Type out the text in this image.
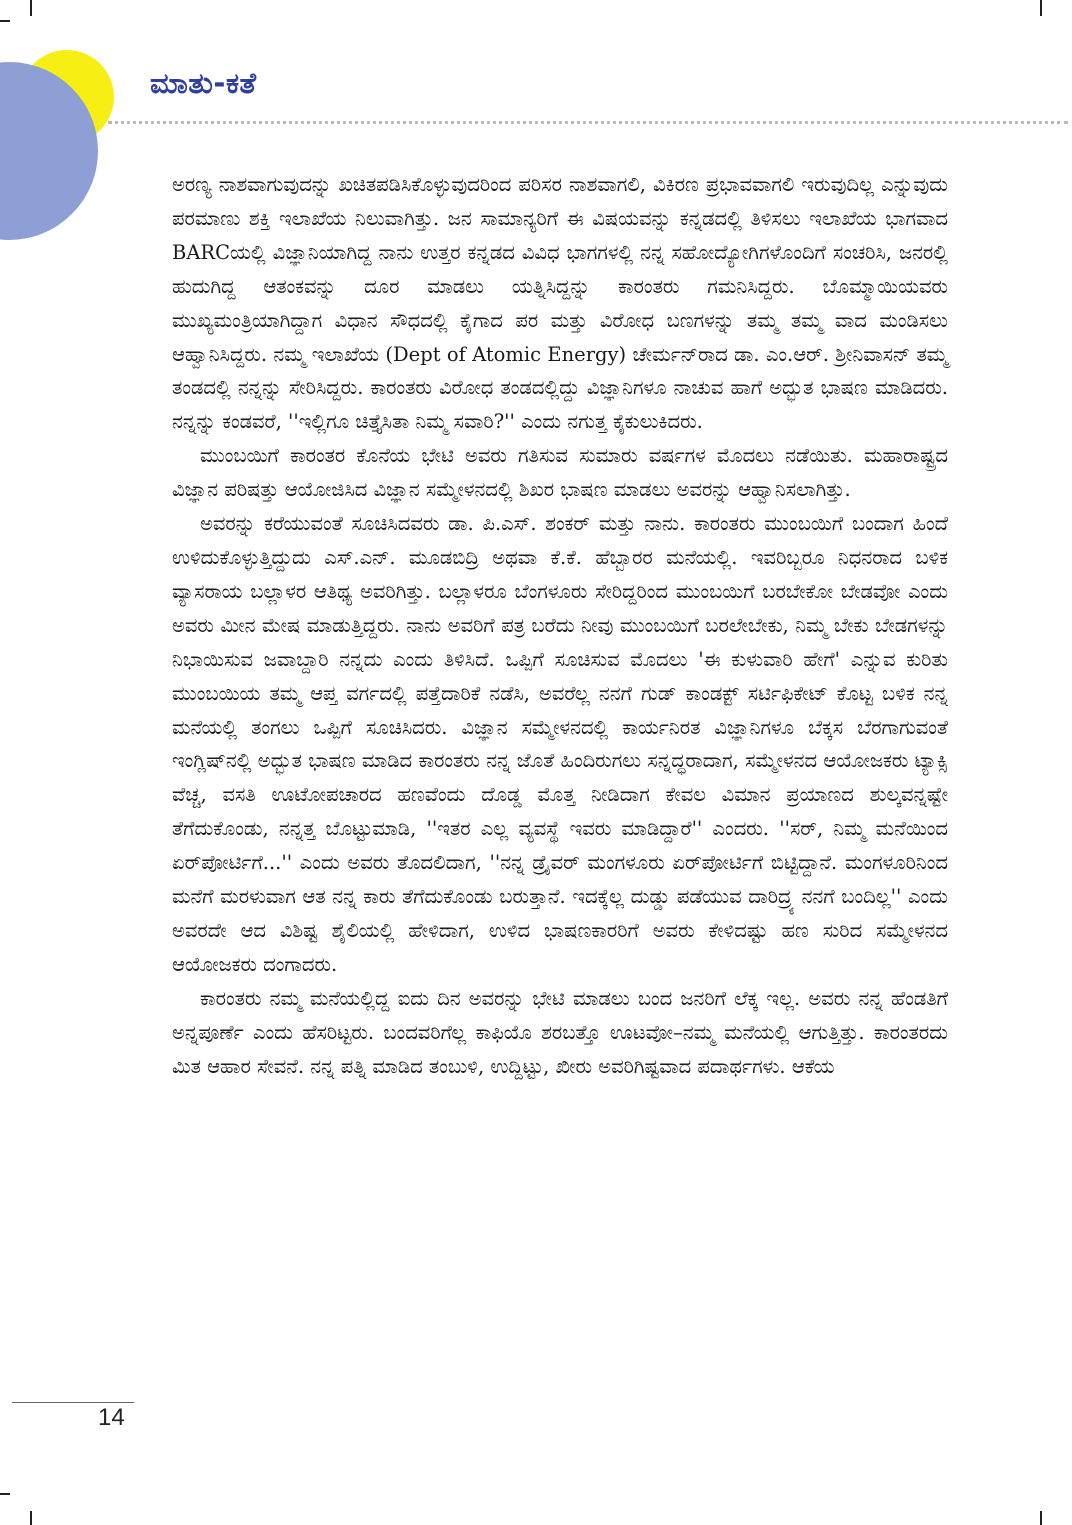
ಮಾತು-ಕತೆ

ಅರಣ್ಯ ನಾಶವಾಗುವುದನ್ನು ಖಚಿತಪಡಿಸಿಕೊಳ್ಳುವುದರಿಂದ ಪರಿಸರ ನಾಶವಾಗಲಿ, ವಿಕಿರಣ ಪ್ರಭಾವವಾಗಲಿ ಇರುವುದಿಲ್ಲ ಎನ್ನುವುದು ಪರಮಾಣು ಶಕ್ತಿ ಇಲಾಖೆಯ ನಿಲುವಾಗಿತ್ತು. ಜನ ಸಾಮಾನ್ಯರಿಗೆ ಈ ವಿಷಯವನ್ನು ಕನ್ನಡದಲ್ಲಿ ತಿಳಿಸಲು ಇಲಾಖೆಯ ಭಾಗವಾದ BARCಯಲ್ಲಿ ವಿಜ್ಞಾನಿಯಾಗಿದ್ದ ನಾನು ಉತ್ತರ ಕನ್ನಡದ ವಿವಿಧ ಭಾಗಗಳಲ್ಲಿ ನನ್ನ ಸಹೋದ್ಯೋಗಿಗಳೊಂದಿಗೆ ಸಂಚರಿಸಿ, ಜನರಲ್ಲಿ ಹುದುಗಿದ್ದ ಆತಂಕವನ್ನು ದೂರ ಮಾಡಲು ಯತ್ನಿಸಿದ್ದನ್ನು ಕಾರಂತರು ಗಮನಿಸಿದ್ದರು. ಬೊಮ್ಮಾಯಿಯವರು ಮುಖ್ಯಮಂತ್ರಿಯಾಗಿದ್ದಾಗ ವಿಧಾನ ಸೌಧದಲ್ಲಿ ಕೈಗಾದ ಪರ ಮತ್ತು ವಿರೋಧ ಬಣಗಳನ್ನು ತಮ್ಮ ತಮ್ಮ ವಾದ ಮಂಡಿಸಲು ಆಹ್ವಾನಿಸಿದ್ದರು. ನಮ್ಮ ಇಲಾಖೆಯ (Dept of Atomic Energy) ಚೇರ್ಮನ್‌ರಾದ ಡಾ. ಎಂ.ಆರ್. ಶ್ರೀನಿವಾಸನ್ ತಮ್ಮ ತಂಡದಲ್ಲಿ ನನ್ನನ್ನು ಸೇರಿಸಿದ್ದರು. ಕಾರಂತರು ವಿರೋಧ ತಂಡದಲ್ಲಿದ್ದು ವಿಜ್ಞಾನಿಗಳೂ ನಾಚುವ ಹಾಗೆ ಅದ್ಭುತ ಭಾಷಣ ಮಾಡಿದರು. ನನ್ನನ್ನು ಕಂಡವರೆ, ''ಇಲ್ಲಿಗೂ ಚಿತ್ತೈಸಿತಾ ನಿಮ್ಮ ಸವಾರಿ?'' ಎಂದು ನಗುತ್ತ ಕೈಕುಲುಕಿದರು.

ಮುಂಬಯಿಗೆ ಕಾರಂತರ ಕೊನೆಯ ಭೇಟಿ ಅವರು ಗತಿಸುವ ಸುಮಾರು ವರ್ಷಗಳ ಮೊದಲು ನಡೆಯಿತು. ಮಹಾರಾಷ್ಟ್ರದ ವಿಜ್ಞಾನ ಪರಿಷತ್ತು ಆಯೋಜಿಸಿದ ವಿಜ್ಞಾನ ಸಮ್ಮೇಳನದಲ್ಲಿ ಶಿಖರ ಭಾಷಣ ಮಾಡಲು ಅವರನ್ನು ಆಹ್ವಾನಿಸಲಾಗಿತ್ತು.

ಅವರನ್ನು ಕರೆಯುವಂತೆ ಸೂಚಿಸಿದವರು ಡಾ. ಪಿ.ಎಸ್. ಶಂಕರ್ ಮತ್ತು ನಾನು. ಕಾರಂತರು ಮುಂಬಯಿಗೆ ಬಂದಾಗ ಹಿಂದೆ ಉಳಿದುಕೊಳ್ಳುತ್ತಿದ್ದುದು ಎಸ್.ಎನ್. ಮೂಡಬಿದ್ರಿ ಅಥವಾ ಕೆ.ಕೆ. ಹೆಬ್ಬಾರರ ಮನೆಯಲ್ಲಿ. ಇವರಿಬ್ಬರೂ ನಿಧನರಾದ ಬಳಿಕ ವ್ಯಾಸರಾಯ ಬಲ್ಲಾಳರ ಆತಿಥ್ಯ ಅವರಿಗಿತ್ತು. ಬಲ್ಲಾಳರೂ ಬೆಂಗಳೂರು ಸೇರಿದ್ದರಿಂದ ಮುಂಬಯಿಗೆ ಬರಬೇಕೋ ಬೇಡವೋ ಎಂದು ಅವರು ಮೀನ ಮೇಷ ಮಾಡುತ್ತಿದ್ದರು. ನಾನು ಅವರಿಗೆ ಪತ್ರ ಬರೆದು ನೀವು ಮುಂಬಯಿಗೆ ಬರಲೇಬೇಕು, ನಿಮ್ಮ ಬೇಕು ಬೇಡಗಳನ್ನು ನಿಭಾಯಿಸುವ ಜವಾಬ್ದಾರಿ ನನ್ನದು ಎಂದು ತಿಳಿಸಿದೆ. ಒಪ್ಪಿಗೆ ಸೂಚಿಸುವ ಮೊದಲು 'ಈ ಕುಳುವಾರಿ ಹೇಗೆ' ಎನ್ನುವ ಕುರಿತು ಮುಂಬಯಿಯ ತಮ್ಮ ಆಪ್ತ ವರ್ಗದಲ್ಲಿ ಪತ್ತೆದಾರಿಕೆ ನಡೆಸಿ, ಅವರೆಲ್ಲ ನನಗೆ ಗುಡ್ ಕಾಂಡಕ್ಟ್ ಸರ್ಟಿಫಿಕೇಟ್ ಕೊಟ್ಟ ಬಳಿಕ ನನ್ನ ಮನೆಯಲ್ಲಿ ತಂಗಲು ಒಪ್ಪಿಗೆ ಸೂಚಿಸಿದರು. ವಿಜ್ಞಾನ ಸಮ್ಮೇಳನದಲ್ಲಿ ಕಾರ್ಯನಿರತ ವಿಜ್ಞಾನಿಗಳೂ ಬೆಕ್ಕಸ ಬೆರಗಾಗುವಂತೆ ಇಂಗ್ಲಿಷ್‌ನಲ್ಲಿ ಅದ್ಭುತ ಭಾಷಣ ಮಾಡಿದ ಕಾರಂತರು ನನ್ನ ಜೊತೆ ಹಿಂದಿರುಗಲು ಸನ್ನದ್ಧರಾದಾಗ, ಸಮ್ಮೇಳನದ ಆಯೋಜಕರು ಟ್ಯಾಕ್ಸಿ ವೆಚ್ಚ, ವಸತಿ ಊಟೋಪಚಾರದ ಹಣವೆಂದು ದೊಡ್ಡ ಮೊತ್ತ ನೀಡಿದಾಗ ಕೇವಲ ವಿಮಾನ ಪ್ರಯಾಣದ ಶುಲ್ಕವನ್ನಷ್ಟೇ ತೆಗೆದುಕೊಂಡು, ನನ್ನತ್ತ ಬೊಟ್ಟುಮಾಡಿ, ''ಇತರ ಎಲ್ಲ ವ್ಯವಸ್ಥೆ ಇವರು ಮಾಡಿದ್ದಾರೆ'' ಎಂದರು. ''ಸರ್, ನಿಮ್ಮ ಮನೆಯಿಂದ ಏರ್‌ಪೋರ್ಟಿಗೆ...'' ಎಂದು ಅವರು ತೊದಲಿದಾಗ, ''ನನ್ನ ಡ್ರೈವರ್ ಮಂಗಳೂರು ಏರ್‌ಪೋರ್ಟಿಗೆ ಬಿಟ್ಟಿದ್ದಾನೆ. ಮಂಗಳೂರಿನಿಂದ ಮನೆಗೆ ಮರಳುವಾಗ ಆತ ನನ್ನ ಕಾರು ತೆಗೆದುಕೊಂಡು ಬರುತ್ತಾನೆ. ಇದಕ್ಕೆಲ್ಲ ದುಡ್ಡು ಪಡೆಯುವ ದಾರಿದ್ರ್ಯ ನನಗೆ ಬಂದಿಲ್ಲ'' ಎಂದು ಅವರದೇ ಆದ ವಿಶಿಷ್ಟ ಶೈಲಿಯಲ್ಲಿ ಹೇಳಿದಾಗ, ಉಳಿದ ಭಾಷಣಕಾರರಿಗೆ ಅವರು ಕೇಳಿದಷ್ಟು ಹಣ ಸುರಿದ ಸಮ್ಮೇಳನದ ಆಯೋಜಕರು ದಂಗಾದರು.

ಕಾರಂತರು ನಮ್ಮ ಮನೆಯಲ್ಲಿದ್ದ ಐದು ದಿನ ಅವರನ್ನು ಭೇಟಿ ಮಾಡಲು ಬಂದ ಜನರಿಗೆ ಲೆಕ್ಕ ಇಲ್ಲ. ಅವರು ನನ್ನ ಹೆಂಡತಿಗೆ ಅನ್ನಪೂರ್ಣೆ ಎಂದು ಹೆಸರಿಟ್ಟರು. ಬಂದವರಿಗೆಲ್ಲ ಕಾಫಿಯೊ ಶರಬತ್ತೊ ಊಟವೋ–ನಮ್ಮ ಮನೆಯಲ್ಲಿ ಆಗುತ್ತಿತ್ತು. ಕಾರಂತರದು ಮಿತ ಆಹಾರ ಸೇವನೆ. ನನ್ನ ಪತ್ನಿ ಮಾಡಿದ ತಂಬುಳಿ, ಉದ್ದಿಟ್ಟು, ಖೀರು ಅವರಿಗಿಷ್ಟವಾದ ಪದಾರ್ಥಗಳು. ಆಕೆಯ

14
